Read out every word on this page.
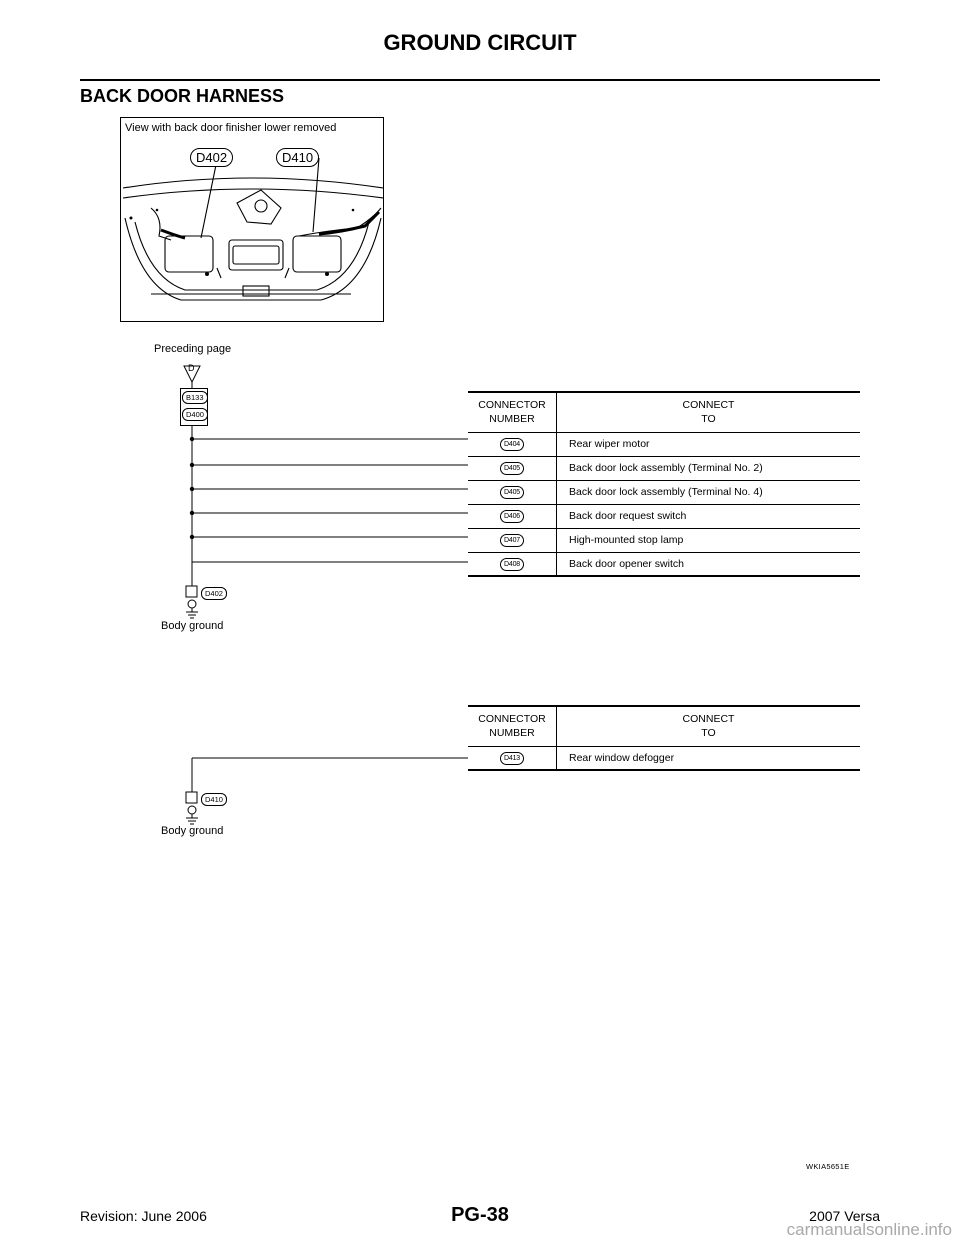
GROUND CIRCUIT
BACK DOOR HARNESS
View with back door finisher lower removed
D402	D410
Preceding page
D
B133
D400
D402
Body ground
CONNECTOR
NUMBER	CONNECT
TO
D404	Rear wiper motor
D405	Back door lock assembly (Terminal No. 2)
D405	Back door lock assembly (Terminal No. 4)
D406	Back door request switch
D407	High-mounted stop lamp
D408	Back door opener switch
D410
Body ground
CONNECTOR
NUMBER	CONNECT
TO
D413	Rear window defogger
WKIA5651E
Revision: June 2006	PG-38	2007 Versa
carmanualsonline.info
